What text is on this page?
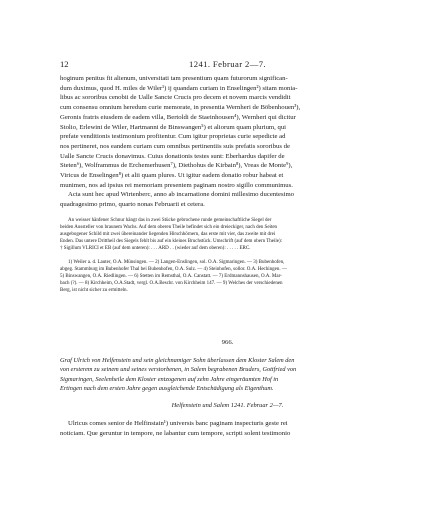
12	1241. Februar 2—7.

hoginum penitus fit alienum, universitati tam presentium quam futurorum significan-

dum duximus, quod H. miles de Wiler¹) ij quandam curiam in Enselingen²) sitam monia-

libus ac sororibus cenobii de Ualle Sancte Crucis pro decem et novem marcis vendidit

cum consensu omnium heredum curie memorate, in presentia Wernheri de Böbenhouen³),

Geronis fratris eiusdem de eadem villa, Bertoldi de Staeinhousen⁴), Wernheri qui dicitur

Stolio, Erlewini de Wiler, Hartmanni de Binswangen⁵) et aliorum quam plurium, qui

prefate venditionis testimonium profitentur. Cum igitur proprietas curie sepedicte ad

nos pertineret, nos eandem curiam cum omnibus pertinentiis suis prefatis sororibus de

Ualle Sancte Crucis donavimus. Cuius donationis testes sunt: Eberhardus dapifer de

Steten⁶), Wolframmus de Erchemerhusen⁷), Diethohus de Kirbain⁸), Vreas de Monte⁹),

Viricus de Enselingen⁸) et alii quam plures. Ut igitur eadem donatio robur habeat et

munimen, nos ad ipsius rei memoriam presentem paginam nostro sigillo communimus.

Acta sunt hec apud Wirtenberc, anno ab incarnatione domini millesimo ducentesimo

quadragesimo primo, quarto nonas Februarii et cetera.

An weisser hänfener Schnur hängt das in zwei Stücke gebrochene runde gemeinschaftliche Siegel der

beiden Aussteller von braunem Wachs. Auf dem oberen Theile befindet sich ein dreieckiger, nach den Seiten

ausgebogener Schild mit zwei übereinander liegenden Hirschhörnern, das erste mit vier, das zweite mit drei

Enden. Das untere Drittheil des Siegels fehlt bis auf ein kleines Bruchstück. Umschrift (auf dem obern Theile):

† Sigillum VLRICI et EB (auf dem unteren): . . . ARD . . (wieder auf dem oberen): . . . . . ERC.

1) Weiler a. d. Lauter, O.A. Münsingen. — 2) Langen-Enslingen, sol. O.A. Sigmaringen. — 3) Bubenhofen,

abgeg. Stammburg im Bubenhofer Thal bei Bubenhofen, O.A. Sulz. — 4) Steinhofen, sollor. O.A. Hechingen. —

5) Binswangen, O.A. Riedlingen. — 6) Stetten im Remsthal, O.A. Canstatt. — 7) Erdmannshausen, O.A. Mar-

bach (?). — 8) Kirchheim, O.A.Stadt, vergl. O.A.Beschr. von Kirchheim 147. — 9) Welches der verschiedenen

Berg, ist nicht sicher zu ermitteln.

966.

Graf Ulrich von Helfenstein und sein gleichnamiger Sohn überlassen dem Kloster Salem den

von ersterem zu seinem und seines verstorbenen, in Salem begrabenen Bruders, Gottfried von

Sigmaringen, Seelenheile dem Kloster entzogenen auf zehn Jahre eingeräumten Hof in

Ertingen nach dem ersten Jahre gegen ausgleichende Entschädigung als Eigenthum.

Helfenstein und Salem 1241. Februar 2—7.

Ulricus comes senior de Helfinstain¹) universis banc paginam inspecturis geste rei

noticiam. Que geruntur in tempore, ne labantur cum tempore, scripti solent testimonio
